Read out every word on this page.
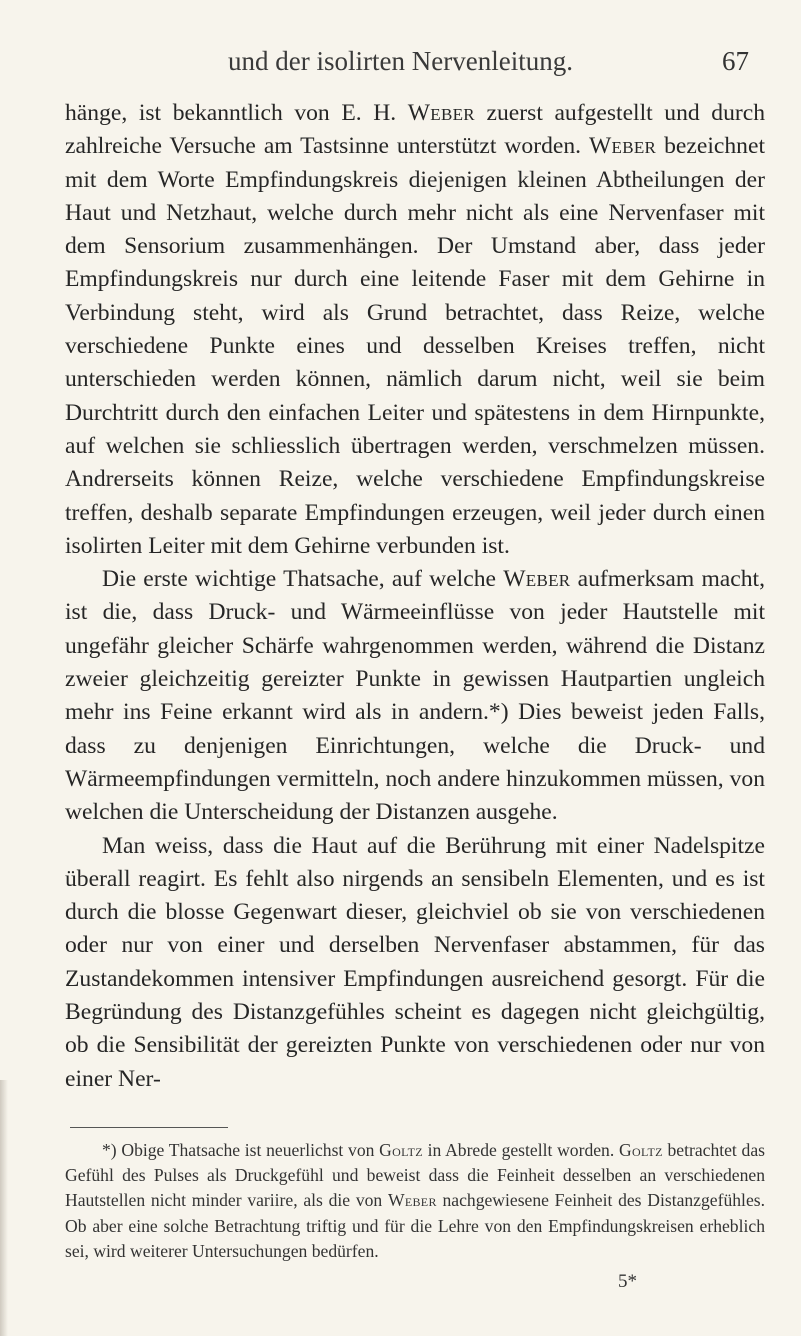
und der isolirten Nervenleitung.	67

hänge, ist bekanntlich von E. H. Weber zuerst aufgestellt und durch zahlreiche Versuche am Tastsinne unterstützt worden. Weber bezeichnet mit dem Worte Empfindungskreis diejenigen kleinen Abtheilungen der Haut und Netzhaut, welche durch mehr nicht als eine Nervenfaser mit dem Sensorium zusammenhängen. Der Umstand aber, dass jeder Empfindungskreis nur durch eine leitende Faser mit dem Gehirne in Verbindung steht, wird als Grund betrachtet, dass Reize, welche verschiedene Punkte eines und desselben Kreises treffen, nicht unterschieden werden können, nämlich darum nicht, weil sie beim Durchtritt durch den einfachen Leiter und spätestens in dem Hirnpunkte, auf welchen sie schliesslich übertragen werden, verschmelzen müssen. Andrerseits können Reize, welche verschiedene Empfindungskreise treffen, deshalb separate Empfindungen erzeugen, weil jeder durch einen isolirten Leiter mit dem Gehirne verbunden ist.

Die erste wichtige Thatsache, auf welche Weber aufmerksam macht, ist die, dass Druck- und Wärmeeinflüsse von jeder Hautstelle mit ungefähr gleicher Schärfe wahrgenommen werden, während die Distanz zweier gleichzeitig gereizter Punkte in gewissen Hautpartien ungleich mehr ins Feine erkannt wird als in andern.*) Dies beweist jeden Falls, dass zu denjenigen Einrichtungen, welche die Druck- und Wärmeempfindungen vermitteln, noch andere hinzukommen müssen, von welchen die Unterscheidung der Distanzen ausgehe.

Man weiss, dass die Haut auf die Berührung mit einer Nadelspitze überall reagirt. Es fehlt also nirgends an sensibeln Elementen, und es ist durch die blosse Gegenwart dieser, gleichviel ob sie von verschiedenen oder nur von einer und derselben Nervenfaser abstammen, für das Zustandekommen intensiver Empfindungen ausreichend gesorgt. Für die Begründung des Distanzgefühles scheint es dagegen nicht gleichgültig, ob die Sensibilität der gereizten Punkte von verschiedenen oder nur von einer Ner-

*) Obige Thatsache ist neuerlichst von Goltz in Abrede gestellt worden. Goltz betrachtet das Gefühl des Pulses als Druckgefühl und beweist dass die Feinheit desselben an verschiedenen Hautstellen nicht minder variire, als die von Weber nachgewiesene Feinheit des Distanzgefühles. Ob aber eine solche Betrachtung triftig und für die Lehre von den Empfindungskreisen erheblich sei, wird weiterer Untersuchungen bedürfen.

5*
